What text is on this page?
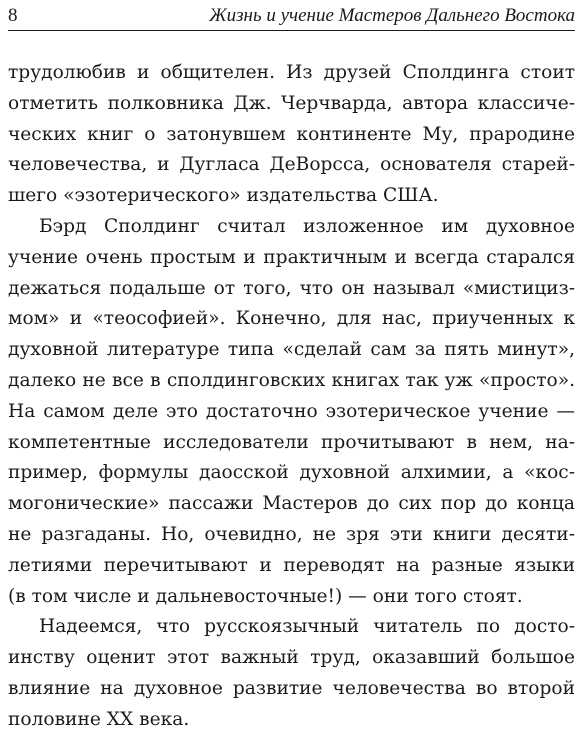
8	Жизнь и учение Мастеров Дальнего Востока
трудолюбив и общителен. Из друзей Сполдинга стоит
отметить полковника Дж. Черчварда, автора классиче-
ческих книг о затонувшем континенте Му, прародине
человечества, и Дугласа ДеВорсса, основателя старей-
шего «эзотерического» издательства США.
Бэрд Сполдинг считал изложенное им духовное
учение очень простым и практичным и всегда старался
дежаться подальше от того, что он называл «мистициз-
мом» и «теософией». Конечно, для нас, приученных к
духовной литературе типа «сделай сам за пять минут»,
далеко не все в сполдинговских книгах так уж «просто».
На самом деле это достаточно эзотерическое учение —
компетентные исследователи прочитывают в нем, на-
пример, формулы даосской духовной алхимии, а «кос-
могонические» пассажи Мастеров до сих пор до конца
не разгаданы. Но, очевидно, не зря эти книги десяти-
летиями перечитывают и переводят на разные языки
(в том числе и дальневосточные!) — они того стоят.
Надеемся, что русскоязычный читатель по досто-
инству оценит этот важный труд, оказавший большое
влияние на духовное развитие человечества во второй
половине XX века.
